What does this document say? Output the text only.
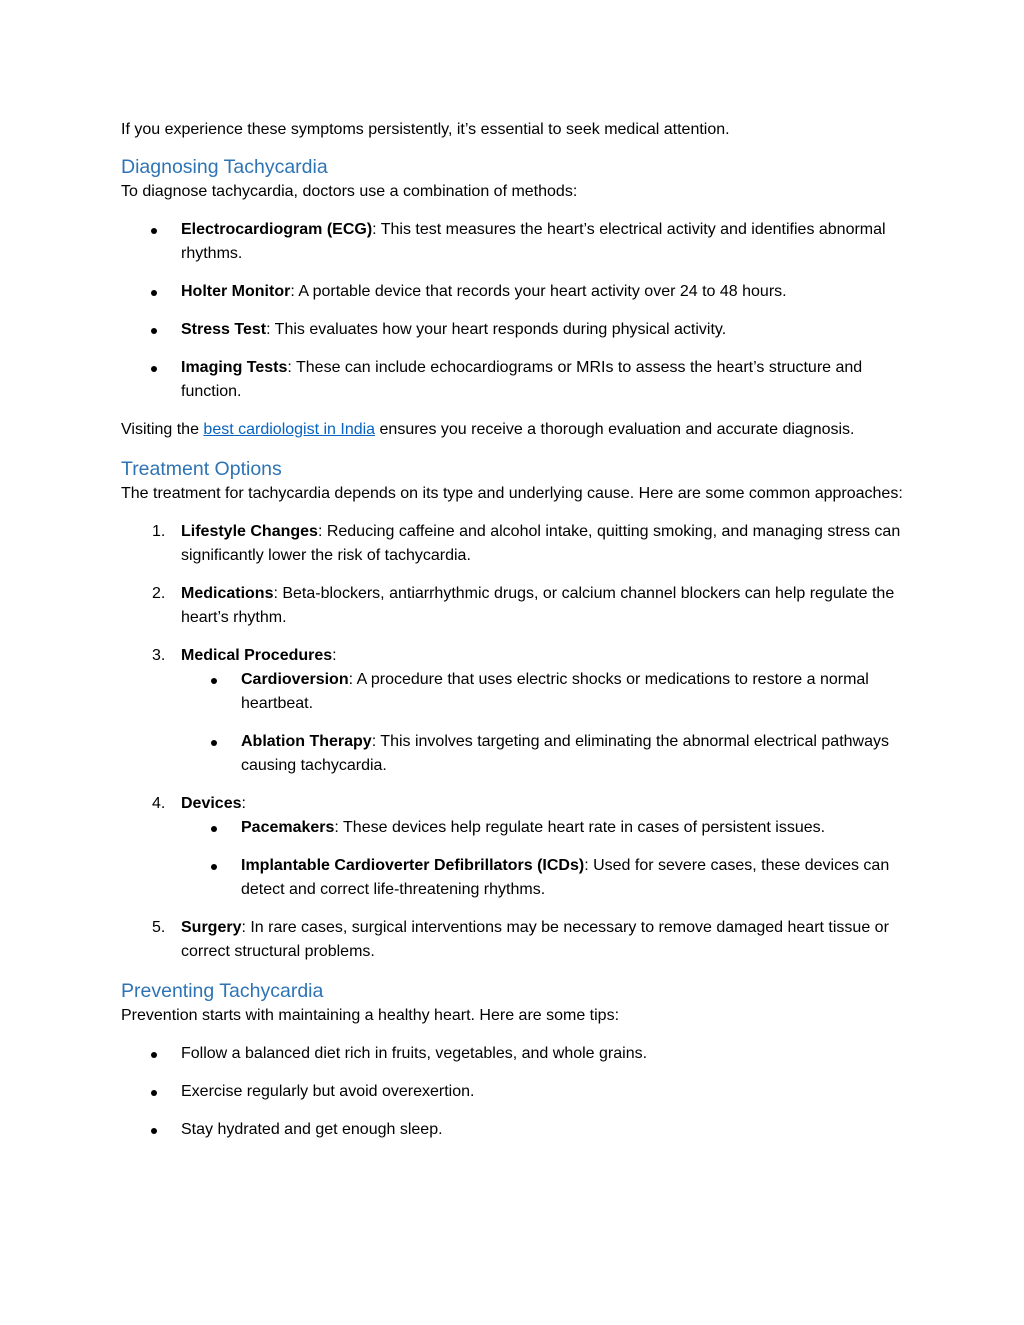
If you experience these symptoms persistently, it’s essential to seek medical attention.

Diagnosing Tachycardia

To diagnose tachycardia, doctors use a combination of methods:

Electrocardiogram (ECG): This test measures the heart’s electrical activity and identifies abnormal rhythms.
Holter Monitor: A portable device that records your heart activity over 24 to 48 hours.
Stress Test: This evaluates how your heart responds during physical activity.
Imaging Tests: These can include echocardiograms or MRIs to assess the heart’s structure and function.

Visiting the best cardiologist in India ensures you receive a thorough evaluation and accurate diagnosis.

Treatment Options

The treatment for tachycardia depends on its type and underlying cause. Here are some common approaches:

1. Lifestyle Changes: Reducing caffeine and alcohol intake, quitting smoking, and managing stress can significantly lower the risk of tachycardia.
2. Medications: Beta-blockers, antiarrhythmic drugs, or calcium channel blockers can help regulate the heart’s rhythm.
3. Medical Procedures:
Cardioversion: A procedure that uses electric shocks or medications to restore a normal heartbeat.
Ablation Therapy: This involves targeting and eliminating the abnormal electrical pathways causing tachycardia.
4. Devices:
Pacemakers: These devices help regulate heart rate in cases of persistent issues.
Implantable Cardioverter Defibrillators (ICDs): Used for severe cases, these devices can detect and correct life-threatening rhythms.
5. Surgery: In rare cases, surgical interventions may be necessary to remove damaged heart tissue or correct structural problems.
Preventing Tachycardia

Prevention starts with maintaining a healthy heart. Here are some tips:

Follow a balanced diet rich in fruits, vegetables, and whole grains.
Exercise regularly but avoid overexertion.
Stay hydrated and get enough sleep.
